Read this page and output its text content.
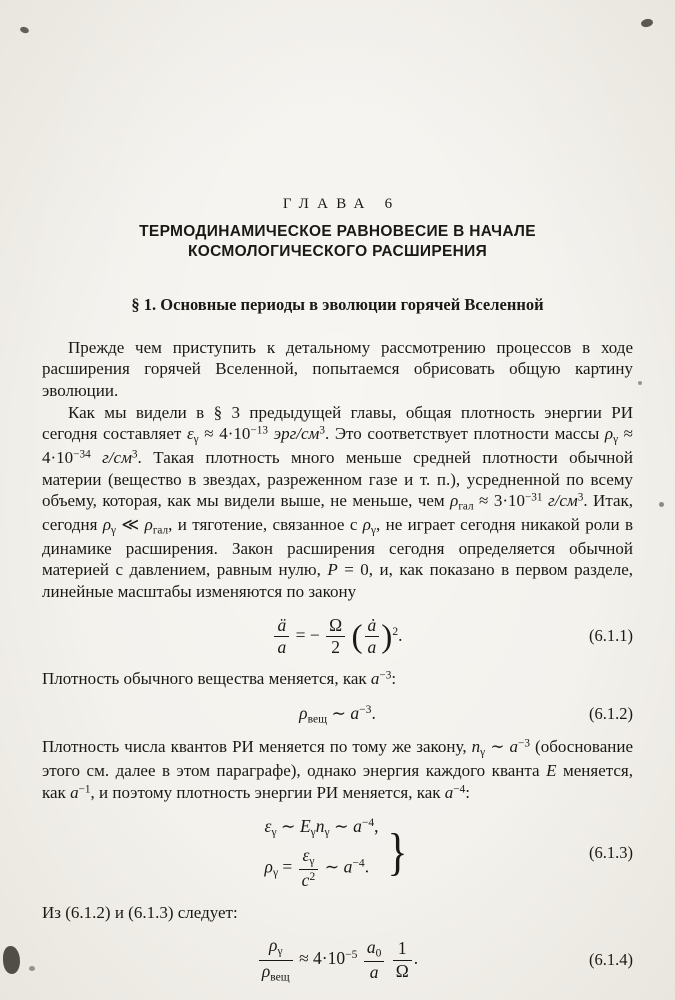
ГЛАВА 6
ТЕРМОДИНАМИЧЕСКОЕ РАВНОВЕСИЕ В НАЧАЛЕ
КОСМОЛОГИЧЕСКОГО РАСШИРЕНИЯ
§ 1. Основные периоды в эволюции горячей Вселенной

Прежде чем приступить к детальному рассмотрению процессов в ходе расширения горячей Вселенной, попытаемся обрисовать общую картину эволюции.

Как мы видели в § 3 предыдущей главы, общая плотность энергии РИ сегодня составляет $\varepsilon_\gamma \approx 4\cdot 10^{-13}$ эрг/$см^3$. Это соответствует плотности массы $\rho_\gamma \approx 4\cdot 10^{-34}$ $г/см^3$. Такая плотность много меньше средней плотности обычной материи (вещество в звездах, разреженном газе и т. п.), усредненной по всему объему, которая, как мы видели выше, не меньше, чем $\rho_{гал} \approx 3\cdot 10^{-31}$ $г/см^3$. Итак, сегодня $\rho_\gamma$ ≪ $\rho_{гал}$, и тяготение, связанное с $\rho_\gamma$, не играет сегодня никакой роли в динамике расширения. Закон расширения сегодня определяется обычной материей с давлением, равным нулю, P = 0, и, как показано в первом разделе, линейные масштабы изменяются по закону

$\frac{ä}{a}$ = − $\frac{\Omega}{2}$ ( $\frac{ȧ}{a} )^2$.	(6.1.1)

Плотность обычного вещества меняется, как $a^{-3}$:

$\rho_{вещ}$ ∼ $a^{-3}$.	(6.1.2)

Плотность числа квантов РИ меняется по тому же закону, $n_\gamma$ ∼ $a^{-3}$ (обоснование этого см. далее в этом параграфе), однако энергия каждого кванта E меняется, как $a^{-1}$, и поэтому плотность энергии РИ меняется, как $a^{-4}$:

$\varepsilon_\gamma$ ∼ $E_\gamma n_\gamma$ ∼ $a^{-4}$,
$\rho_\gamma = \frac{\varepsilon_\gamma}{c^2}$ ∼ $a^{-4}$. }	(6.1.3)

Из (6.1.2) и (6.1.3) следует:

$\frac{\rho_\gamma}{\rho_{вещ}} \approx 4\cdot 10^{-5} \frac{a_0}{a}$
$\frac{1}{\Omega}$ .	(6.1.4)
